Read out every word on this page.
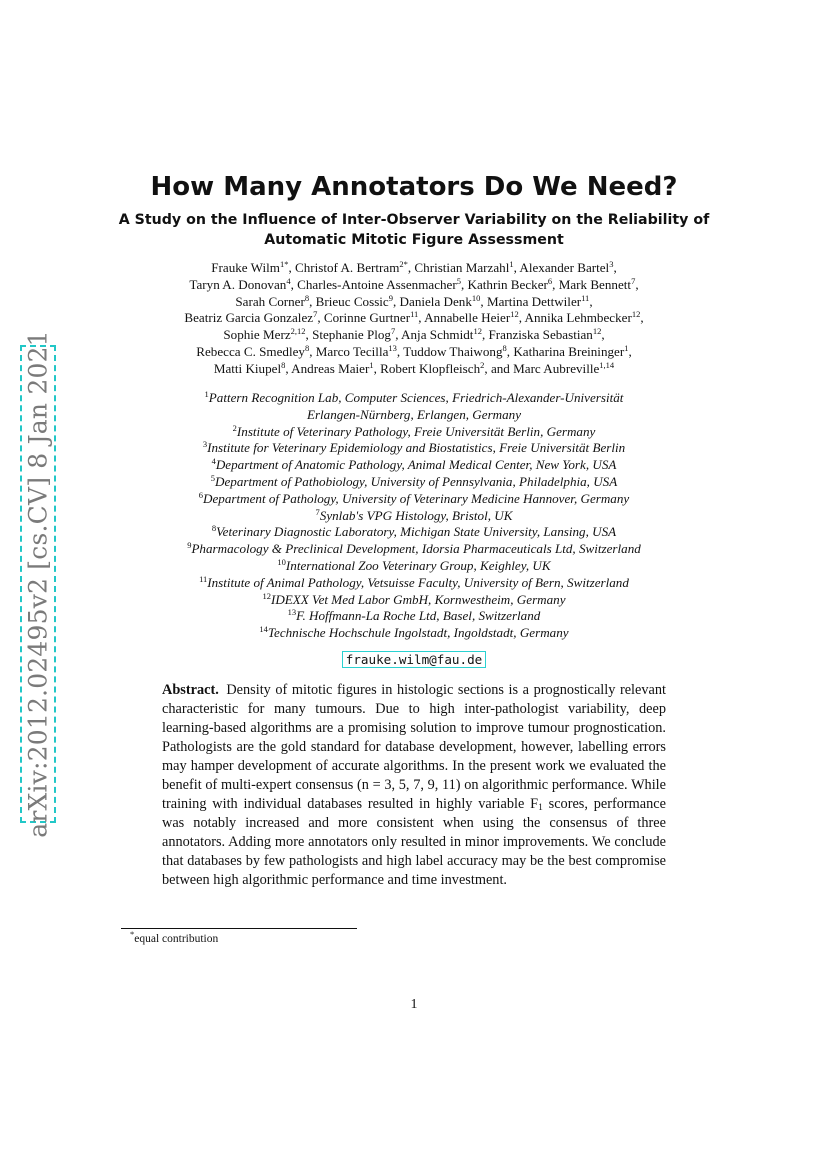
arXiv:2012.02495v2 [cs.CV] 8 Jan 2021
How Many Annotators Do We Need?
A Study on the Influence of Inter-Observer Variability on the Reliability of
Automatic Mitotic Figure Assessment
Frauke Wilm$^{1*}$, Christof A. Bertram$^{2*}$, Christian Marzahl$^1$, Alexander Bartel$^3$,
Taryn A. Donovan$^4$, Charles-Antoine Assenmacher$^5$, Kathrin Becker$^6$, Mark Bennett$^7$,
Sarah Corner$^8$, Brieuc Cossic$^9$, Daniela Denk$^{10}$, Martina Dettwiler$^{11}$,
Beatriz Garcia Gonzalez$^7$, Corinne Gurtner$^{11}$, Annabelle Heier$^{12}$, Annika Lehmbecker$^{12}$,
Sophie Merz$^{2,12}$, Stephanie Plog$^7$, Anja Schmidt$^{12}$, Franziska Sebastian$^{12}$,
Rebecca C. Smedley$^8$, Marco Tecilla$^{13}$, Tuddow Thaiwong$^8$, Katharina Breininger$^1$,
Matti Kiupel$^8$, Andreas Maier$^1$, Robert Klopfleisch$^2$, and Marc Aubreville$^{1,14}$
$^1$Pattern Recognition Lab, Computer Sciences, Friedrich-Alexander-Universität
Erlangen-Nürnberg, Erlangen, Germany
$^2$Institute of Veterinary Pathology, Freie Universität Berlin, Germany
$^3$Institute for Veterinary Epidemiology and Biostatistics, Freie Universität Berlin
$^4$Department of Anatomic Pathology, Animal Medical Center, New York, USA
$^5$Department of Pathobiology, University of Pennsylvania, Philadelphia, USA
$^6$Department of Pathology, University of Veterinary Medicine Hannover, Germany
$^7$Synlab's VPG Histology, Bristol, UK
$^8$Veterinary Diagnostic Laboratory, Michigan State University, Lansing, USA
$^9$Pharmacology & Preclinical Development, Idorsia Pharmaceuticals Ltd, Switzerland
$^{10}$International Zoo Veterinary Group, Keighley, UK
$^{11}$Institute of Animal Pathology, Vetsuisse Faculty, University of Bern, Switzerland
$^{12}$IDEXX Vet Med Labor GmbH, Kornwestheim, Germany
$^{13}$F. Hoffmann-La Roche Ltd, Basel, Switzerland
$^{14}$Technische Hochschule Ingolstadt, Ingoldstadt, Germany
frauke.wilm@fau.de
Abstract. Density of mitotic figures in histologic sections is a prognostically relevant characteristic for many tumours. Due to high inter-pathologist variability, deep learning-based algorithms are a promising solution to improve tumour prognostication. Pathologists are the gold standard for database development, however, labelling errors may hamper development of accurate algorithms. In the present work we evaluated the benefit of multi-expert consensus (n = 3, 5, 7, 9, 11) on algorithmic performance. While training with individual databases resulted in highly variable $F_1$ scores, performance was notably increased and more consistent when using the consensus of three annotators. Adding more annotators only resulted in minor improvements. We conclude that databases by few pathologists and high label accuracy may be the best compromise between high algorithmic performance and time investment.
*equal contribution
1
